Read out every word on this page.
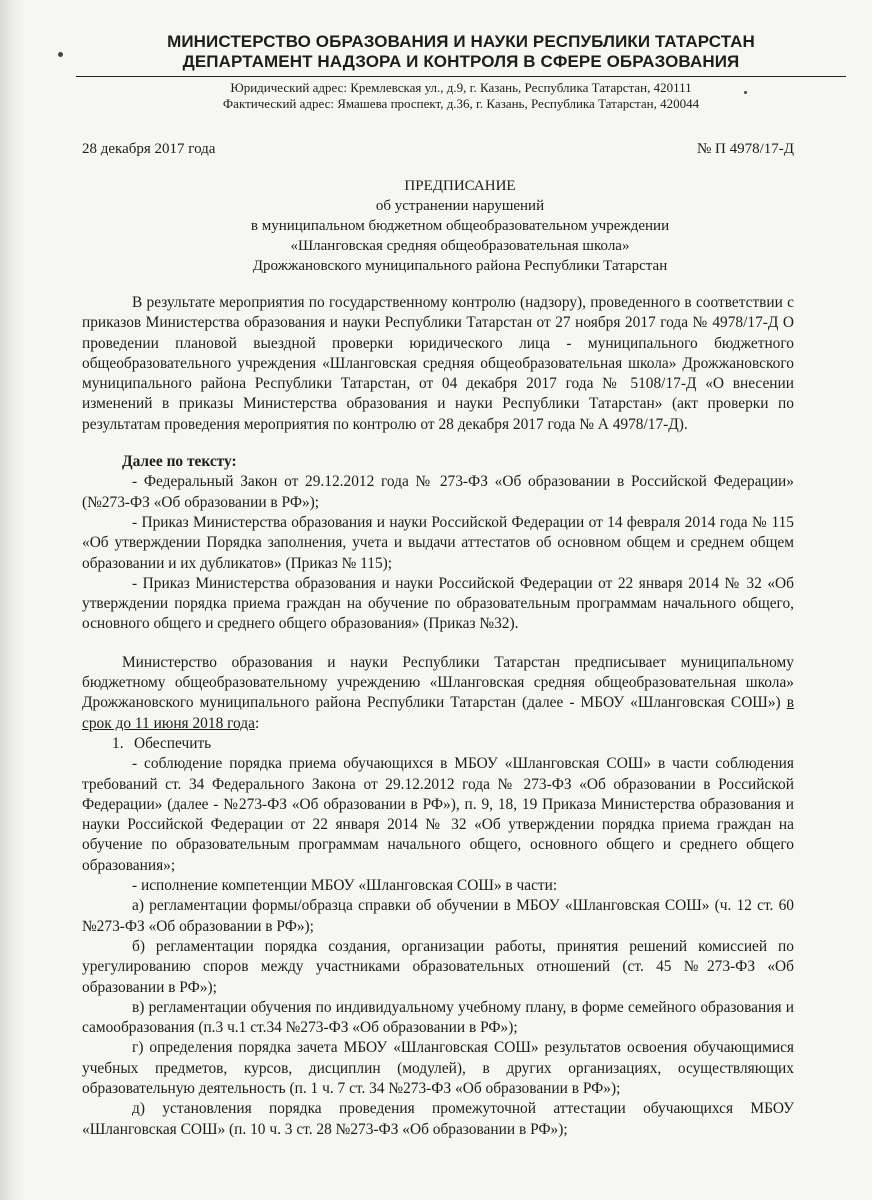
МИНИСТЕРСТВО ОБРАЗОВАНИЯ И НАУКИ РЕСПУБЛИКИ ТАТАРСТАН
ДЕПАРТАМЕНТ НАДЗОРА И КОНТРОЛЯ В СФЕРЕ ОБРАЗОВАНИЯ
Юридический адрес: Кремлевская ул., д.9, г. Казань, Республика Татарстан, 420111
Фактический адрес: Ямашева проспект, д.36, г. Казань, Республика Татарстан, 420044
28 декабря 2017 года	№ П 4978/17-Д
ПРЕДПИСАНИЕ
об устранении нарушений
в муниципальном бюджетном общеобразовательном учреждении
«Шланговская средняя общеобразовательная школа»
Дрожжановского муниципального района Республики Татарстан

В результате мероприятия по государственному контролю (надзору), проведенного в соответствии с приказов Министерства образования и науки Республики Татарстан от 27 ноября 2017 года № 4978/17-Д О проведении плановой выездной проверки юридического лица - муниципального бюджетного общеобразовательного учреждения «Шланговская средняя общеобразовательная школа» Дрожжановского муниципального района Республики Татарстан, от 04 декабря 2017 года № 5108/17-Д «О внесении изменений в приказы Министерства образования и науки Республики Татарстан» (акт проверки по результатам проведения мероприятия по контролю от 28 декабря 2017 года № А 4978/17-Д).

Далее по тексту:

- Федеральный Закон от 29.12.2012 года № 273-ФЗ «Об образовании в Российской Федерации» (№273-ФЗ «Об образовании в РФ»);

- Приказ Министерства образования и науки Российской Федерации от 14 февраля 2014 года № 115 «Об утверждении Порядка заполнения, учета и выдачи аттестатов об основном общем и среднем общем образовании и их дубликатов» (Приказ № 115);

- Приказ Министерства образования и науки Российской Федерации от 22 января 2014 № 32 «Об утверждении порядка приема граждан на обучение по образовательным программам начального общего, основного общего и среднего общего образования» (Приказ №32).

Министерство образования и науки Республики Татарстан предписывает муниципальному бюджетному общеобразовательному учреждению «Шланговская средняя общеобразовательная школа» Дрожжановского муниципального района Республики Татарстан (далее - МБОУ «Шланговская СОШ») в срок до 11 июня 2018 года:

1. Обеспечить

- соблюдение порядка приема обучающихся в МБОУ «Шланговская СОШ» в части соблюдения требований ст. 34 Федерального Закона от 29.12.2012 года № 273-ФЗ «Об образовании в Российской Федерации» (далее - №273-ФЗ «Об образовании в РФ»), п. 9, 18, 19 Приказа Министерства образования и науки Российской Федерации от 22 января 2014 № 32 «Об утверждении порядка приема граждан на обучение по образовательным программам начального общего, основного общего и среднего общего образования»;

- исполнение компетенции МБОУ «Шланговская СОШ» в части:

а) регламентации формы/образца справки об обучении в МБОУ «Шланговская СОШ» (ч. 12 ст. 60 №273-ФЗ «Об образовании в РФ»);

б) регламентации порядка создания, организации работы, принятия решений комиссией по урегулированию споров между участниками образовательных отношений (ст. 45 №273-ФЗ «Об образовании в РФ»);

в) регламентации обучения по индивидуальному учебному плану, в форме семейного образования и самообразования (п.3 ч.1 ст.34 №273-ФЗ «Об образовании в РФ»);

г) определения порядка зачета МБОУ «Шланговская СОШ» результатов освоения обучающимися учебных предметов, курсов, дисциплин (модулей), в других организациях, осуществляющих образовательную деятельность (п. 1 ч. 7 ст. 34 №273-ФЗ «Об образовании в РФ»);

д) установления порядка проведения промежуточной аттестации обучающихся МБОУ «Шланговская СОШ» (п. 10 ч. 3 ст. 28 №273-ФЗ «Об образовании в РФ»);
